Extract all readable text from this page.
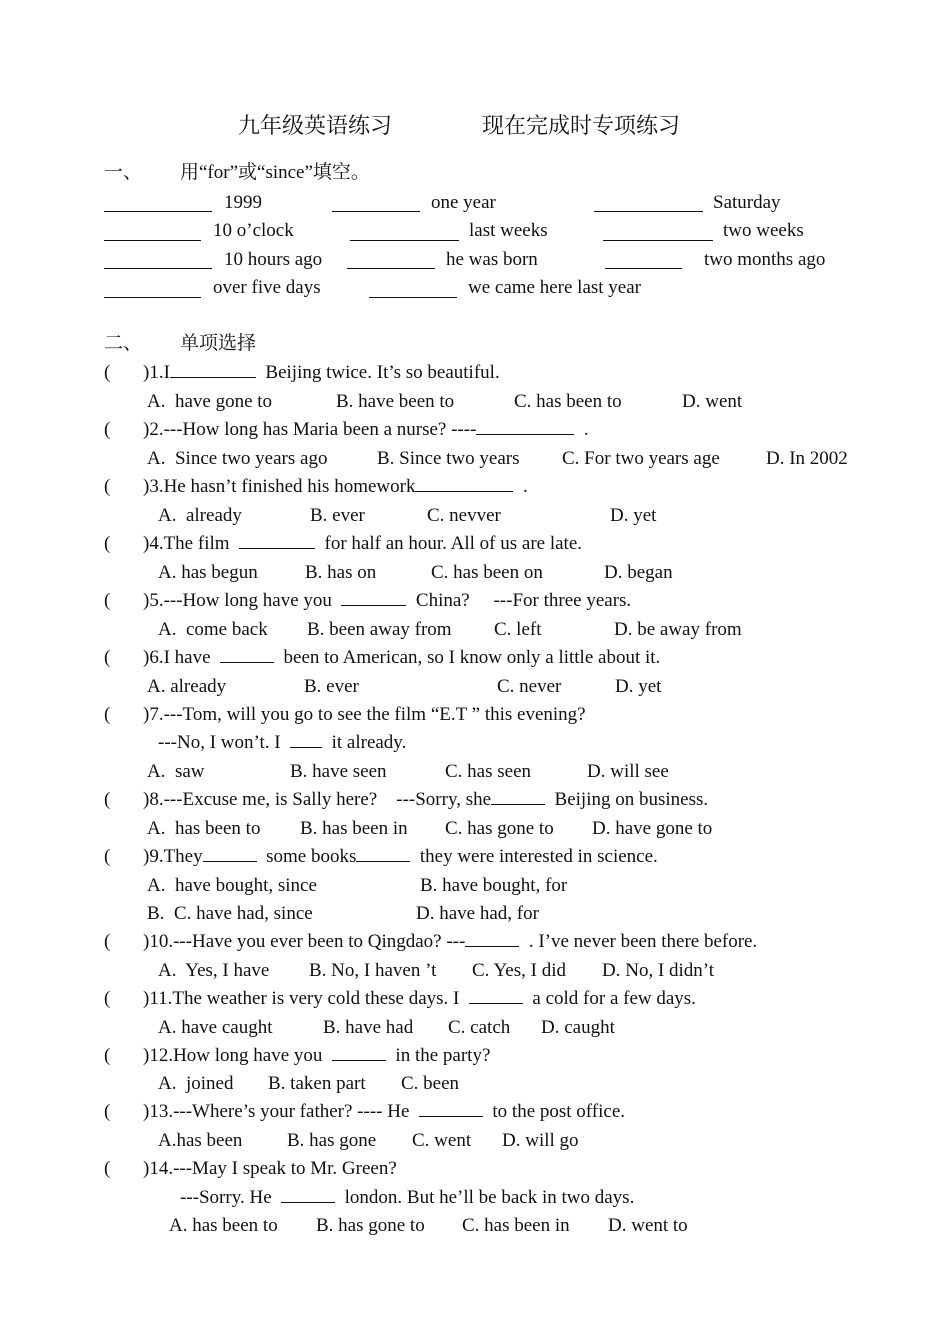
九年级英语练习	现在完成时专项练习
一、 用“for”或“since”填空。
1999	one year	Saturday
10 o’clock	last weeks	two weeks
10 hours ago	he was born	two months ago
over five days	we came here last year
二、 单项选择
( )1.I	Beijing twice. It’s so beautiful.
A.  have gone to	B. have been to	C. has been to	D. went
( )2.---How long has Maria been a nurse? ----	.
A.  Since two years ago	B. Since two years C. For two years age D. In 2002
( )3.He hasn’t finished his homework	.
A.  already	B. ever	C. nevver	D. yet
( )4.The film	for half an hour. All of us are late.
A. has begun B. has on	C. has been on	D. began
( )5.---How long have you	China?     ---For three years.
A.  come back B. been away from C. left	D. be away from
( )6.I have	been to American, so I know only a little about it.
A. already	B. ever	C. never	D. yet
( )7.---Tom, will you go to see the film “E.T ” this evening?
---No, I won’t. I	it already.
A.  saw	B. have seen	C. has seen	D. will see
( )8.---Excuse me, is Sally here?    ---Sorry, she	Beijing on business.
A.  has been to B. has been in C. has gone to D. have gone to
( )9.They	some books	they were interested in science.
A.  have bought, since	B. have bought, for
B.  C. have had, since	D. have had, for
( )10.---Have you ever been to Qingdao? ---	. I’ve never been there before.
A.  Yes, I have B. No, I haven ’t C. Yes, I did D. No, I didn’t
( )11.The weather is very cold these days. I	a cold for a few days.
A. have caught	B. have had C. catch D. caught
( )12.How long have you	in the party?
A.  joined B. taken part C. been
( )13.---Where’s your father? ---- He	to the post office.
A.has been B. has gone C. went D. will go
( )14.---May I speak to Mr. Green?
---Sorry. He	london. But he’ll be back in two days.
A. has been to B. has gone to C. has been in D. went to
